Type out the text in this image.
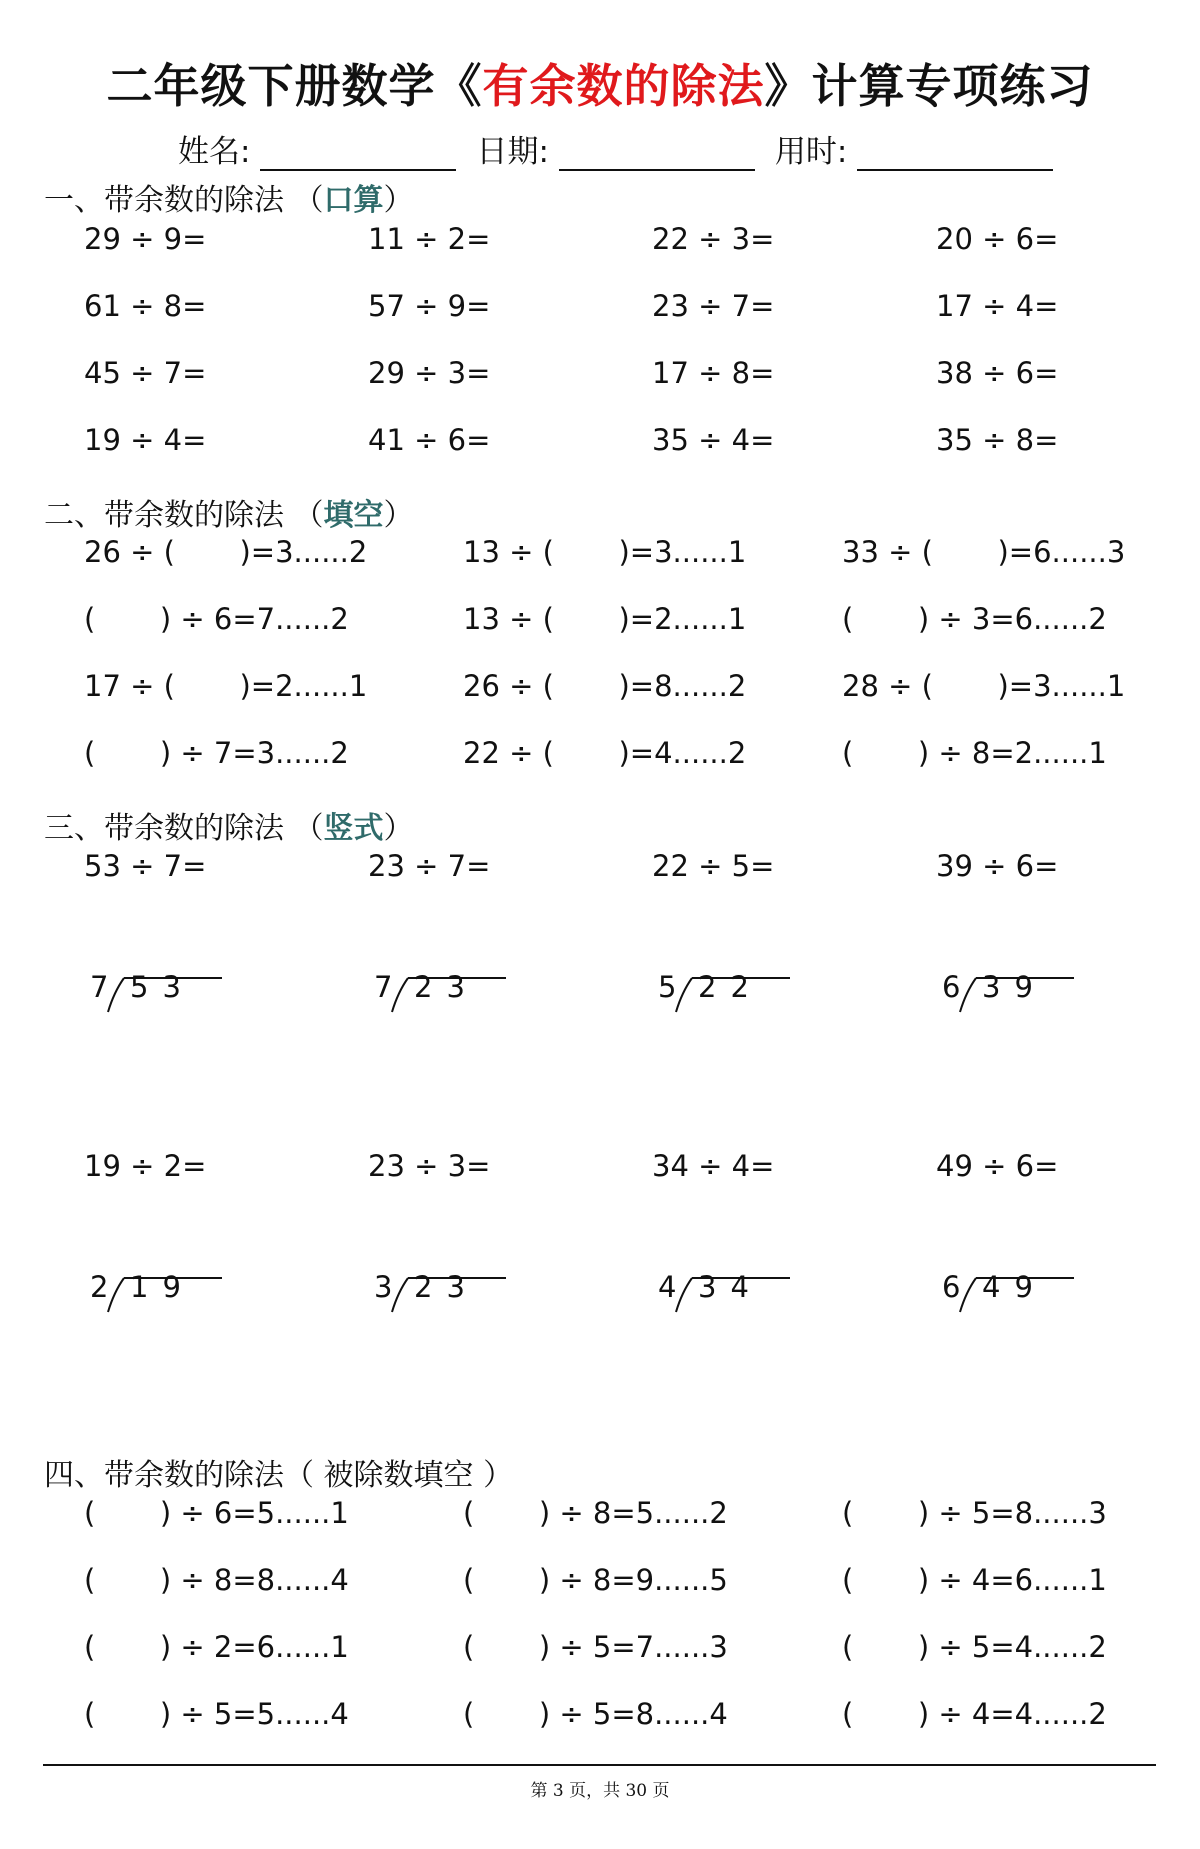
二年级下册数学《有余数的除法》计算专项练习
姓名:	日期:	用时:
一、带余数的除法 （口算）
29 ÷ 9=	11 ÷ 2=	22 ÷ 3=	20 ÷ 6=
61 ÷ 8=	57 ÷ 9=	23 ÷ 7=	17 ÷ 4=
45 ÷ 7=	29 ÷ 3=	17 ÷ 8=	38 ÷ 6=
19 ÷ 4=	41 ÷ 6=	35 ÷ 4=	35 ÷ 8=
二、带余数的除法 （填空）
26 ÷ (       )=3......2	13 ÷ (       )=3......1	33 ÷ (       )=6......3
(       ) ÷ 6=7......2	13 ÷ (       )=2......1	(       ) ÷ 3=6......2
17 ÷ (       )=2......1	26 ÷ (       )=8......2	28 ÷ (       )=3......1
(       ) ÷ 7=3......2	22 ÷ (       )=4......2	(       ) ÷ 8=2......1
三、带余数的除法 （竖式）
53 ÷ 7=	23 ÷ 7=	22 ÷ 5=	39 ÷ 6=
7 53	7 23	5 22	6 39
19 ÷ 2=	23 ÷ 3=	34 ÷ 4=	49 ÷ 6=
2 19	3 23	4 34	6 49
四、带余数的除法（ 被除数填空 ）
(       ) ÷ 6=5......1	(       ) ÷ 8=5......2	(       ) ÷ 5=8......3
(       ) ÷ 8=8......4	(       ) ÷ 8=9......5	(       ) ÷ 4=6......1
(       ) ÷ 2=6......1	(       ) ÷ 5=7......3	(       ) ÷ 5=4......2
(       ) ÷ 5=5......4	(       ) ÷ 5=8......4	(       ) ÷ 4=4......2
第 3 页，共 30 页
